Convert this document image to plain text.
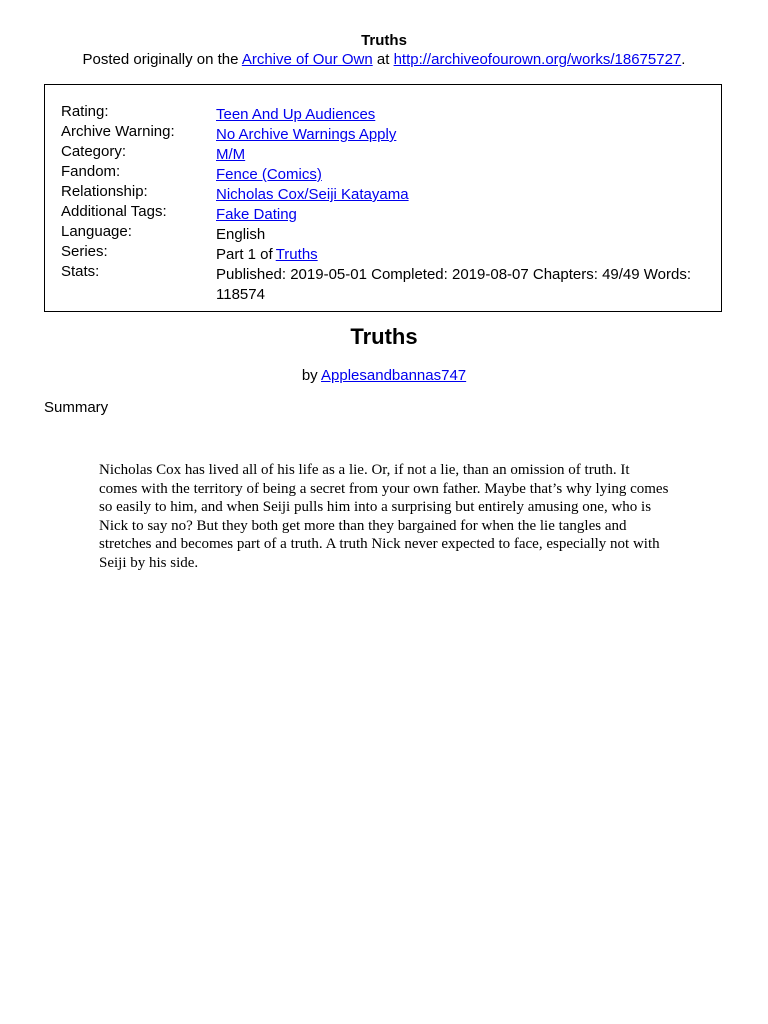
Truths
Posted originally on the Archive of Our Own at http://archiveofourown.org/works/18675727.
Rating:	Teen And Up Audiences
Archive Warning:	No Archive Warnings Apply
Category:	M/M
Fandom:	Fence (Comics)
Relationship:	Nicholas Cox/Seiji Katayama
Additional Tags:	Fake Dating
Language:	English
Series:	Part 1 of Truths
Stats:	Published: 2019-05-01 Completed: 2019-08-07 Chapters: 49/49 Words: 118574
Truths
by Applesandbannas747
Summary
Nicholas Cox has lived all of his life as a lie. Or, if not a lie, than an omission of truth. It comes with the territory of being a secret from your own father. Maybe that’s why lying comes so easily to him, and when Seiji pulls him into a surprising but entirely amusing one, who is Nick to say no? But they both get more than they bargained for when the lie tangles and stretches and becomes part of a truth. A truth Nick never expected to face, especially not with Seiji by his side.
